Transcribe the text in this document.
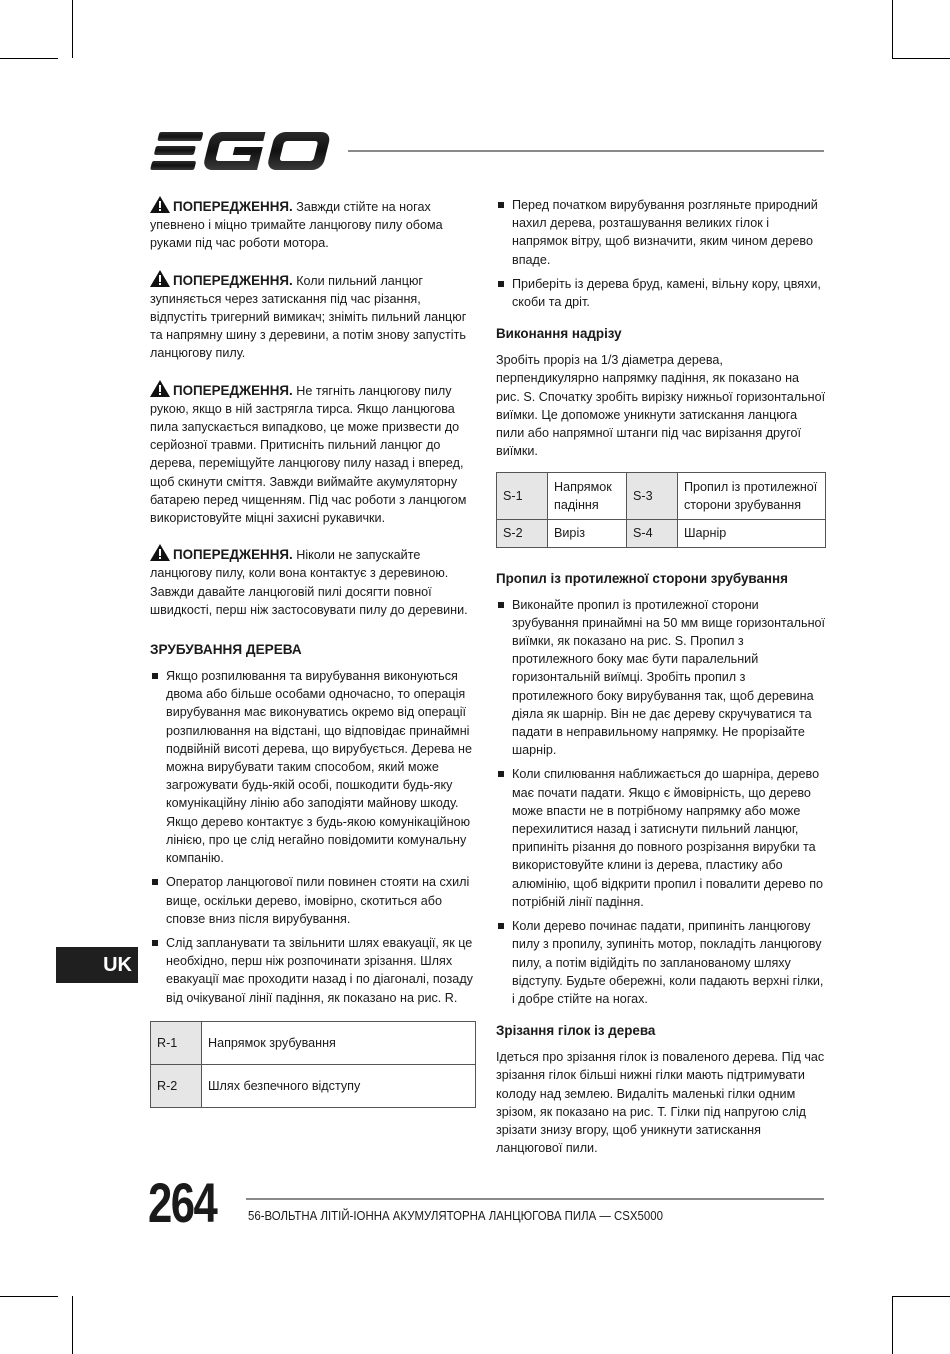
ПОПЕРЕДЖЕННЯ. Завжди стійте на ногах упевнено і міцно тримайте ланцюгову пилу обома руками під час роботи мотора.

ПОПЕРЕДЖЕННЯ. Коли пильний ланцюг зупиняється через затискання під час різання, відпустіть тригерний вимикач; зніміть пильний ланцюг та напрямну шину з деревини, а потім знову запустіть ланцюгову пилу.

ПОПЕРЕДЖЕННЯ. Не тягніть ланцюгову пилу рукою, якщо в ній застрягла тирса. Якщо ланцюгова пила запускається випадково, це може призвести до серйозної травми. Притисніть пильний ланцюг до дерева, переміщуйте ланцюгову пилу назад і вперед, щоб скинути сміття. Завжди виймайте акумуляторну батарею перед чищенням. Під час роботи з ланцюгом використовуйте міцні захисні рукавички.

ПОПЕРЕДЖЕННЯ. Ніколи не запускайте ланцюгову пилу, коли вона контактує з деревиною. Завжди давайте ланцюговій пилі досягти повної швидкості, перш ніж застосовувати пилу до деревини.

ЗРУБУВАННЯ ДЕРЕВА
Якщо розпилювання та вирубування виконуються двома або більше особами одночасно, то операція вирубування має виконуватись окремо від операції розпилювання на відстані, що відповідає принаймні подвійній висоті дерева, що вирубується. Дерева не можна вирубувати таким способом, який може загрожувати будь-якій особі, пошкодити будь-яку комунікаційну лінію або заподіяти майнову шкоду. Якщо дерево контактує з будь-якою комунікаційною лінією, про це слід негайно повідомити комунальну компанію.
Оператор ланцюгової пили повинен стояти на схилі вище, оскільки дерево, імовірно, скотиться або сповзе вниз після вирубування.
Слід запланувати та звільнити шлях евакуації, як це необхідно, перш ніж розпочинати зрізання. Шлях евакуації має проходити назад і по діагоналі, позаду від очікуваної лінії падіння, як показано на рис. R.
R-1	Напрямок зрубування
R-2	Шлях безпечного відступу
Перед початком вирубування розгляньте природний нахил дерева, розташування великих гілок і напрямок вітру, щоб визначити, яким чином дерево впаде.
Приберіть із дерева бруд, камені, вільну кору, цвяхи, скоби та дріт.
Виконання надрізу

Зробіть проріз на 1/3 діаметра дерева, перпендикулярно напрямку падіння, як показано на рис. S. Спочатку зробіть вирізку нижньої горизонтальної виїмки. Це допоможе уникнути затискання ланцюга пили або напрямної штанги під час вирізання другої виїмки.

S-1	Напрямок падіння	S-3	Пропил із протилежної сторони зрубування
S-2	Виріз	S-4	Шарнір
Пропил із протилежної сторони зрубування
Виконайте пропил із протилежної сторони зрубування принаймні на 50 мм вище горизонтальної виїмки, як показано на рис. S. Пропил з протилежного боку має бути паралельний горизонтальній виїмці. Зробіть пропил з протилежного боку вирубування так, щоб деревина діяла як шарнір. Він не дає дереву скручуватися та падати в неправильному напрямку. Не прорізайте шарнір.
Коли спилювання наближається до шарніра, дерево має почати падати. Якщо є ймовірність, що дерево може впасти не в потрібному напрямку або може перехилитися назад і затиснути пильний ланцюг, припиніть різання до повного розрізання вирубки та використовуйте клини із дерева, пластику або алюмінію, щоб відкрити пропил і повалити дерево по потрібній лінії падіння.
Коли дерево починає падати, припиніть ланцюгову пилу з пропилу, зупиніть мотор, покладіть ланцюгову пилу, а потім відійдіть по запланованому шляху відступу. Будьте обережні, коли падають верхні гілки, і добре стійте на ногах.
Зрізання гілок із дерева

Ідеться про зрізання гілок із поваленого дерева. Під час зрізання гілок більші нижні гілки мають підтримувати колоду над землею. Видаліть маленькі гілки одним зрізом, як показано на рис. T. Гілки під напругою слід зрізати знизу вгору, щоб уникнути затискання ланцюгової пили.

UK
264 56-ВОЛЬТНА ЛІТІЙ-ІОННА АКУМУЛЯТОРНА ЛАНЦЮГОВА ПИЛА — CSX5000
